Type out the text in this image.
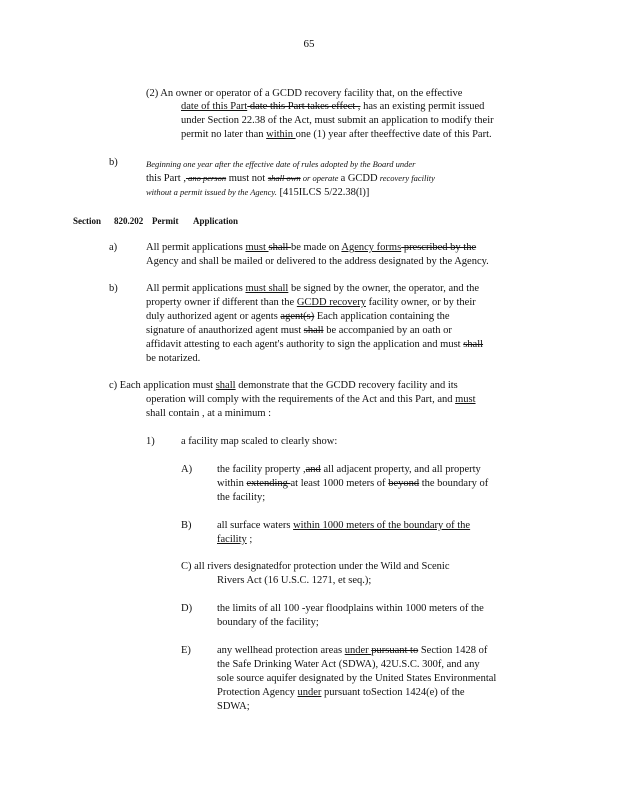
65
(2) An owner or operator of a GCDD recovery facility that, on the effective
date of this Part date this Part takes effect , has an existing permit issued
under Section 22.38 of the Act, must submit an application to modify their
permit no later than within one (1) year after theeffective date of this Part.
b)	Beginning one year after the effective date of rules adopted by the Board under
this Part , ano person must not shall own or operate a GCDD recovery facility
without a permit issued by the Agency. [415ILCS 5/22.38(l)]
Section 820.202 Permit Application
a)	All permit applications must shall be made on Agency forms prescribed by the
Agency and shall be mailed or delivered to the address designated by the Agency.
b)	All permit applications must shall be signed by the owner, the operator, and the
property owner if different than the GCDD recovery facility owner, or by their
duly authorized agent or agents agent(s) Each application containing the
signature of anauthorized agent must shall be accompanied by an oath or
affidavit attesting to each agent's authority to sign the application and must shall
be notarized.
c) Each application must shall demonstrate that the GCDD recovery facility and its
operation will comply with the requirements of the Act and this Part, and must
shall contain , at a minimum :
1)	a facility map scaled to clearly show:
A) the facility property ,and all adjacent property, and all property
within extending at least 1000 meters of beyond the boundary of
the facility;
B) all surface waters within 1000 meters of the boundary of the
facility ;
C) all rivers designatedfor protection under the Wild and Scenic
Rivers Act (16 U.S.C. 1271, et seq.);
D) the limits of all 100 -year floodplains within 1000 meters of the
boundary of the facility;
E) any wellhead protection areas under pursuant to Section 1428 of
the Safe Drinking Water Act (SDWA), 42U.S.C. 300f, and any
sole source aquifer designated by the United States Environmental
Protection Agency under pursuant toSection 1424(e) of the
SDWA;
